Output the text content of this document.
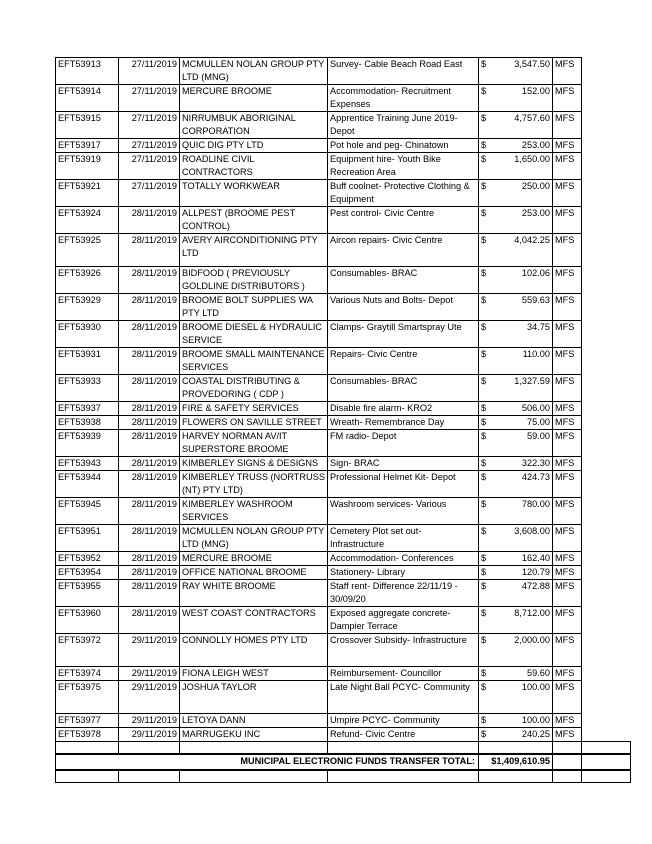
EFT53913	27/11/2019	MCMULLEN NOLAN GROUP PTY LTD (MNG)	Survey- Cable Beach Road East	$ 3,547.50	MFS	
EFT53914	27/11/2019	MERCURE BROOME	Accommodation- Recruitment Expenses	$ 152.00	MFS	
EFT53915	27/11/2019	NIRRUMBUK ABORIGINAL CORPORATION	Apprentice Training June 2019- Depot	$ 4,757.60	MFS	
EFT53917	27/11/2019	QUIC DIG PTY LTD	Pot hole and peg- Chinatown	$ 253.00	MFS	
EFT53919	27/11/2019	ROADLINE CIVIL CONTRACTORS	Equipment hire- Youth Bike Recreation Area	$ 1,650.00	MFS	
EFT53921	27/11/2019	TOTALLY WORKWEAR	Buff coolnet- Protective Clothing & Equipment	$ 250.00	MFS	
EFT53924	28/11/2019	ALLPEST (BROOME PEST CONTROL)	Pest control- Civic Centre	$ 253.00	MFS	
EFT53925	28/11/2019	AVERY AIRCONDITIONING PTY LTD	Aircon repairs- Civic Centre	$ 4,042.25	MFS	
EFT53926	28/11/2019	BIDFOOD ( PREVIOUSLY GOLDLINE DISTRIBUTORS )	Consumables- BRAC	$ 102.06	MFS	
EFT53929	28/11/2019	BROOME BOLT SUPPLIES WA PTY LTD	Various Nuts and Bolts- Depot	$ 559.63	MFS	
EFT53930	28/11/2019	BROOME DIESEL & HYDRAULIC SERVICE	Clamps- Graytill Smartspray Ute	$ 34.75	MFS	
EFT53931	28/11/2019	BROOME SMALL MAINTENANCE SERVICES	Repairs- Civic Centre	$ 110.00	MFS	
EFT53933	28/11/2019	COASTAL DISTRIBUTING & PROVEDORING ( CDP )	Consumables- BRAC	$ 1,327.59	MFS	
EFT53937	28/11/2019	FIRE & SAFETY SERVICES	Disable fire alarm- KRO2	$ 506.00	MFS	
EFT53938	28/11/2019	FLOWERS ON SAVILLE STREET	Wreath- Remembrance Day	$ 75.00	MFS	
EFT53939	28/11/2019	HARVEY NORMAN AV/IT SUPERSTORE BROOME	FM radio- Depot	$ 59.00	MFS	
EFT53943	28/11/2019	KIMBERLEY SIGNS & DESIGNS	Sign- BRAC	$ 322.30	MFS	
EFT53944	28/11/2019	KIMBERLEY TRUSS (NORTRUSS (NT) PTY LTD)	Professional Helmet Kit- Depot	$ 424.73	MFS	
EFT53945	28/11/2019	KIMBERLEY WASHROOM SERVICES	Washroom services- Various	$ 780.00	MFS	
EFT53951	28/11/2019	MCMULLEN NOLAN GROUP PTY LTD (MNG)	Cemetery Plot set out- Infrastructure	$ 3,608.00	MFS	
EFT53952	28/11/2019	MERCURE BROOME	Accommodation- Conferences	$ 162.40	MFS	
EFT53954	28/11/2019	OFFICE NATIONAL BROOME	Stationery- Library	$ 120.79	MFS	
EFT53955	28/11/2019	RAY WHITE BROOME	Staff rent- Difference 22/11/19 - 30/09/20	$ 472.88	MFS	
EFT53960	28/11/2019	WEST COAST CONTRACTORS	Exposed aggregate concrete- Dampier Terrace	$ 8,712.00	MFS	
EFT53972	29/11/2019	CONNOLLY HOMES PTY LTD	Crossover Subsidy- Infrastructure	$ 2,000.00	MFS	
EFT53974	29/11/2019	FIONA LEIGH WEST	Reimbursement- Councillor	$ 59.60	MFS	
EFT53975	29/11/2019	JOSHUA TAYLOR	Late Night Ball PCYC- Community	$ 100.00	MFS	
EFT53977	29/11/2019	LETOYA DANN	Umpire PCYC- Community	$ 100.00	MFS	
EFT53978	29/11/2019	MARRUGEKU INC	Refund- Civic Centre	$ 240.25	MFS	

MUNICIPAL ELECTRONIC FUNDS TRANSFER TOTAL:				$1,409,610.95		
